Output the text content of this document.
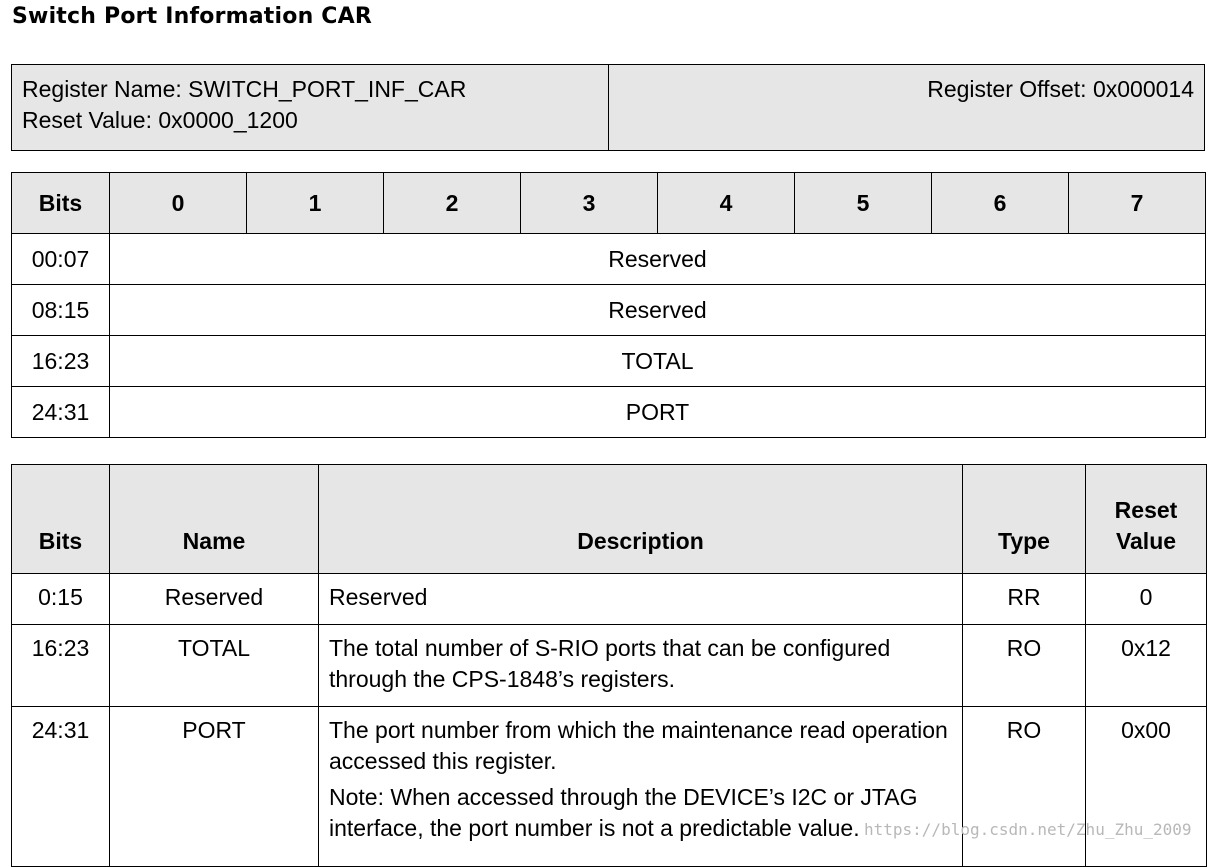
Switch Port Information CAR
Register Name: SWITCH_PORT_INF_CAR
Reset Value: 0x0000_1200
Register Offset: 0x000014
Bits	0	1	2	3	4	5	6	7
00:07	Reserved							
08:15	Reserved							
16:23	TOTAL							
24:31	PORT							
Bits	Name	Description	Type	Reset Value
0:15	Reserved	Reserved	RR	0
16:23	TOTAL	The total number of S-RIO ports that can be configured through the CPS-1848’s registers.	RO	0x12
24:31	PORT	The port number from which the maintenance read operation accessed this register.
Note: When accessed through the DEVICE’s I2C or JTAG interface, the port number is not a predictable value.	RO	0x00
https://blog.csdn.net/Zhu_Zhu_2009
